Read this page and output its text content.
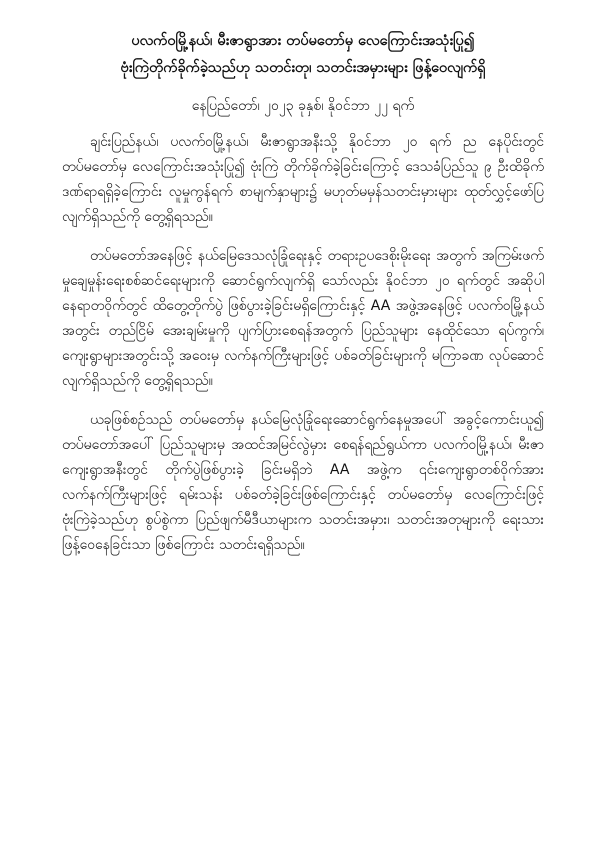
ပလက်ဝမြို့နယ်၊ မီးဇာရွာအား တပ်မတော်မှ လေကြောင်းအသုံးပြု၍
ဗုံးကြဲတိုက်ခိုက်ခဲ့သည်ဟု သတင်းတု၊ သတင်းအမှားများ ဖြန့်ဝေလျက်ရှိ
နေပြည်တော်၊ ၂၀၂၃ ခုနှစ်၊ နိုဝင်ဘာ ၂၂ ရက်

ချင်းပြည်နယ်၊ ပလက်ဝမြို့နယ်၊ မီးဇာရွာအနီးသို့ နိုဝင်ဘာ ၂၀ ရက် ည နေပိုင်းတွင် တပ်မတော်မှ လေကြောင်းအသုံးပြု၍ ဗုံးကြဲ တိုက်ခိုက်ခဲ့ခြင်းကြောင့် ဒေသခံပြည်သူ ၉ ဦးထိခိုက်ဒဏ်ရာရရှိခဲ့ကြောင်း လူမှုကွန်ရက် စာမျက်နှာများ၌ မဟုတ်မမှန်သတင်းမှားများ ထုတ်လွှင့်ဖော်ပြလျက်ရှိသည်ကို တွေ့ရှိရသည်။

တပ်မတော်အနေဖြင့် နယ်မြေဒေသလုံခြုံရေးနှင့် တရားဥပဒေစိုးမိုးရေး အတွက် အကြမ်းဖက်မှုချေမှုန်းရေးစစ်ဆင်ရေးများကို ဆောင်ရွက်လျက်ရှိ သော်လည်း နိုဝင်ဘာ ၂၀ ရက်တွင် အဆိုပါ နေရာတဝိုက်တွင် ထိတွေ့တိုက်ပွဲ ဖြစ်ပွားခဲ့ခြင်းမရှိကြောင်းနှင့် AA အဖွဲ့အနေဖြင့် ပလက်ဝမြို့နယ်အတွင်း တည်ငြိမ် အေးချမ်းမှုကို ပျက်ပြားစေရန်အတွက် ပြည်သူများ နေထိုင်သော ရပ်ကွက်၊ ကျေးရွာများအတွင်းသို့ အဝေးမှ လက်နက်ကြီးများဖြင့် ပစ်ခတ်ခြင်းများကို မကြာခဏ လုပ်ဆောင်လျက်ရှိသည်ကို တွေ့ရှိရသည်။

ယခုဖြစ်စဉ်သည် တပ်မတော်မှ နယ်မြေလုံခြုံရေးဆောင်ရွက်နေမှုအပေါ် အခွင့်ကောင်းယူ၍ တပ်မတော်အပေါ် ပြည်သူများမှ အထင်အမြင်လွဲမှား စေရန်ရည်ရွယ်ကာ ပလက်ဝမြို့နယ်၊ မီးဇာကျေးရွာအနီးတွင် တိုက်ပွဲဖြစ်ပွားခဲ့ ခြင်းမရှိဘဲ AA အဖွဲ့က ၎င်းကျေးရွာတစ်ဝိုက်အား လက်နက်ကြီးများဖြင့် ရမ်းသန်း ပစ်ခတ်ခဲ့ခြင်းဖြစ်ကြောင်းနှင့် တပ်မတော်မှ လေကြောင်းဖြင့် ဗုံးကြဲခဲ့သည်ဟု စွပ်စွဲကာ ပြည်ဖျက်မီဒီယာများက သတင်းအမှား၊ သတင်းအတုများကို ရေးသား ဖြန့်ဝေနေခြင်းသာ ဖြစ်ကြောင်း သတင်းရရှိသည်။
